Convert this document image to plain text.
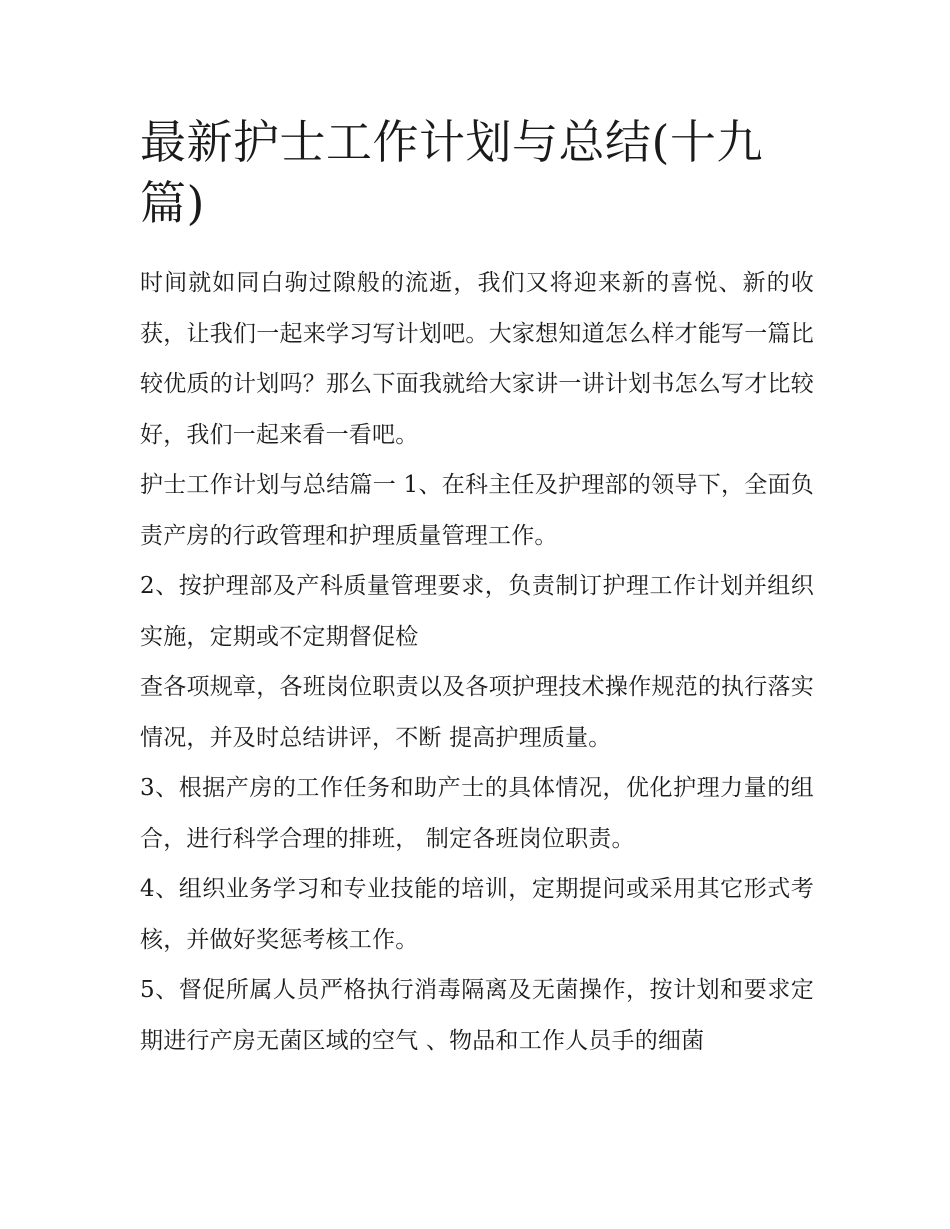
最新护士工作计划与总结(十九篇)

时间就如同白驹过隙般的流逝，我们又将迎来新的喜悦、新的收获，让我们一起来学习写计划吧。大家想知道怎么样才能写一篇比较优质的计划吗？那么下面我就给大家讲一讲计划书怎么写才比较好，我们一起来看一看吧。

护士工作计划与总结篇一 1、在科主任及护理部的领导下，全面负责产房的行政管理和护理质量管理工作。

2、按护理部及产科质量管理要求，负责制订护理工作计划并组织实施，定期或不定期督促检

查各项规章，各班岗位职责以及各项护理技术操作规范的执行落实情况，并及时总结讲评，不断 提高护理质量。

3、根据产房的工作任务和助产士的具体情况，优化护理力量的组合，进行科学合理的排班， 制定各班岗位职责。

4、组织业务学习和专业技能的培训，定期提问或采用其它形式考核，并做好奖惩考核工作。

5、督促所属人员严格执行消毒隔离及无菌操作，按计划和要求定期进行产房无菌区域的空气 、物品和工作人员手的细菌
